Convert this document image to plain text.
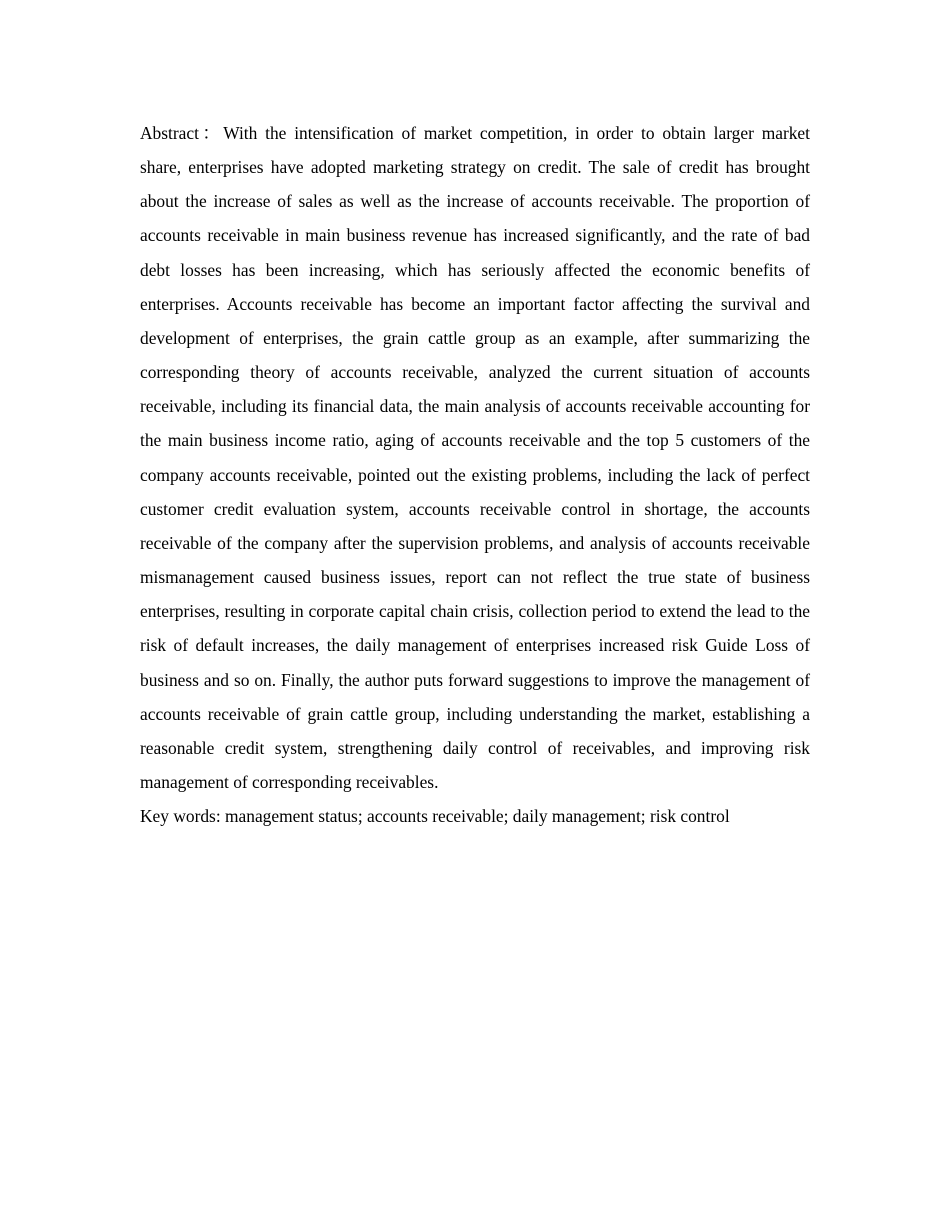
Abstract：With the intensification of market competition, in order to obtain larger market share, enterprises have adopted marketing strategy on credit. The sale of credit has brought about the increase of sales as well as the increase of accounts receivable. The proportion of accounts receivable in main business revenue has increased significantly, and the rate of bad debt losses has been increasing, which has seriously affected the economic benefits of enterprises. Accounts receivable has become an important factor affecting the survival and development of enterprises, the grain cattle group as an example, after summarizing the corresponding theory of accounts receivable, analyzed the current situation of accounts receivable, including its financial data, the main analysis of accounts receivable accounting for the main business income ratio, aging of accounts receivable and the top 5 customers of the company accounts receivable, pointed out the existing problems, including the lack of perfect customer credit evaluation system, accounts receivable control in shortage, the accounts receivable of the company after the supervision problems, and analysis of accounts receivable mismanagement caused business issues, report can not reflect the true state of business enterprises, resulting in corporate capital chain crisis, collection period to extend the lead to the risk of default increases, the daily management of enterprises increased risk Guide Loss of business and so on. Finally, the author puts forward suggestions to improve the management of accounts receivable of grain cattle group, including understanding the market, establishing a reasonable credit system, strengthening daily control of receivables, and improving risk management of corresponding receivables.

Key words: management status; accounts receivable; daily management; risk control
